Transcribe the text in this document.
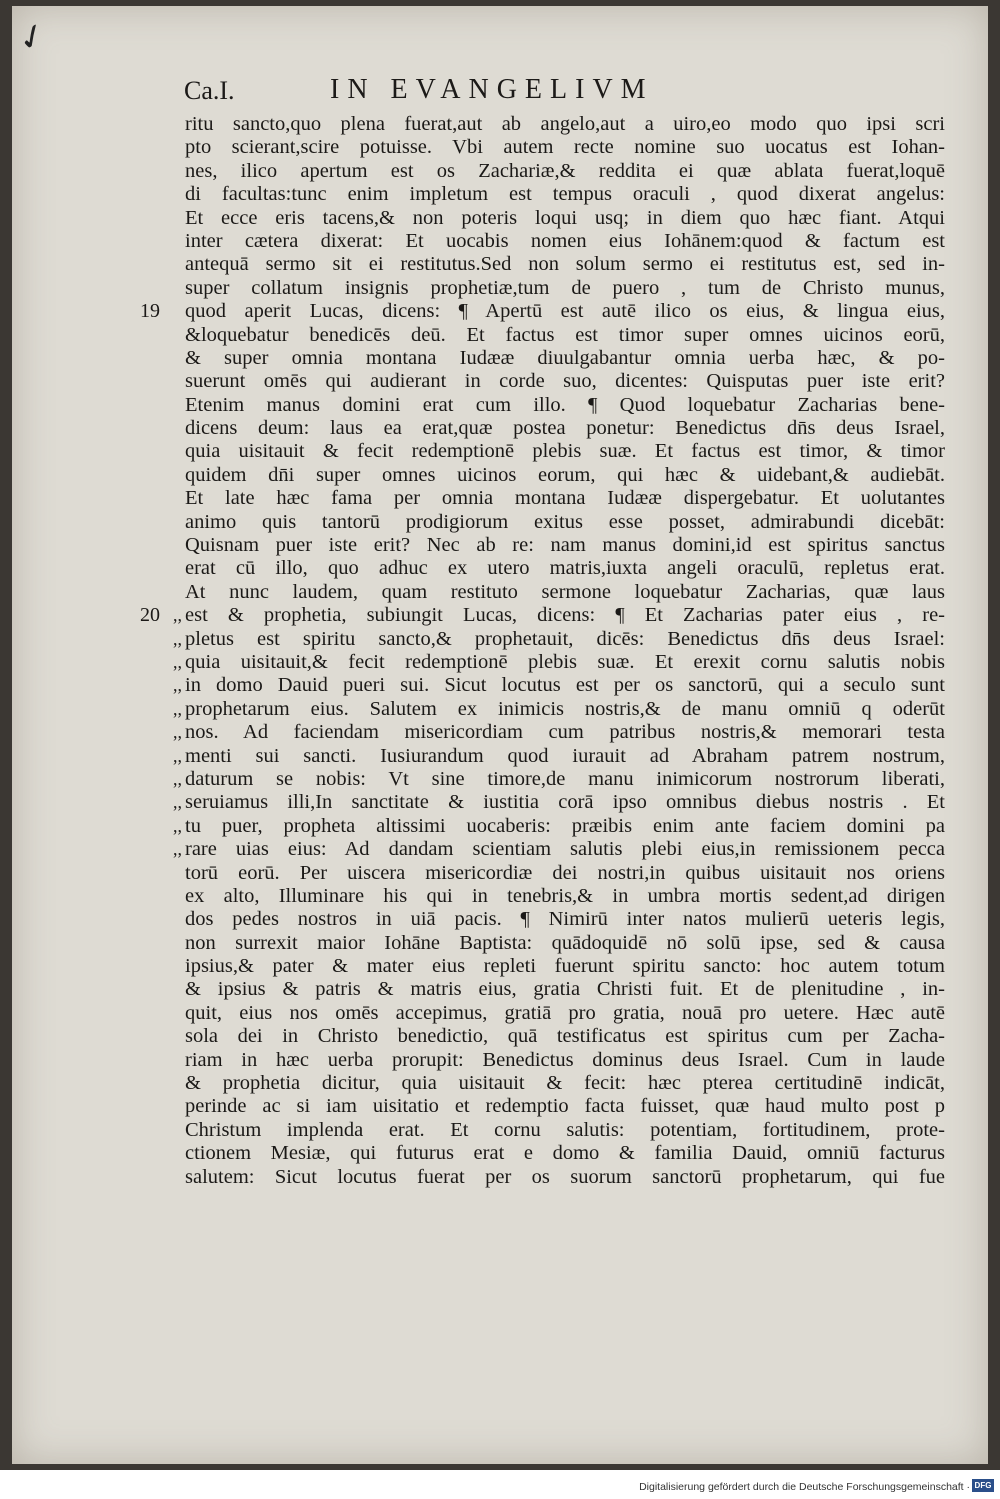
✓
Ca.I.	IN EVANGELIVM
ritu sancto,quo plena fuerat,aut ab angelo,aut a uiro,eo modo quo ipsi scri
pto scierant,scire potuisse. Vbi autem recte nomine suo uocatus est Iohan-
nes, ilico apertum est os Zachariæ,& reddita ei quæ ablata fuerat,loquē
di facultas:tunc enim impletum est tempus oraculi , quod dixerat angelus:
Et ecce eris tacens,& non poteris loqui usq; in diem quo hæc fiant. Atqui
inter cætera dixerat: Et uocabis nomen eius Iohānem:quod & factum est
antequā sermo sit ei restitutus.Sed non solum sermo ei restitutus est, sed in-
super collatum insignis prophetiæ,tum de puero , tum de Christo munus,
19 quod aperit Lucas, dicens: ¶ Apertū est autē ilico os eius, & lingua eius,
&loquebatur benedicēs deū. Et factus est timor super omnes uicinos eorū,
& super omnia montana Iudææ diuulgabantur omnia uerba hæc, & po-
suerunt omēs qui audierant in corde suo, dicentes: Quisputas puer iste erit?
Etenim manus domini erat cum illo. ¶ Quod loquebatur Zacharias bene-
dicens deum: laus ea erat,quæ postea ponetur: Benedictus dn̄s deus Israel,
quia uisitauit & fecit redemptionē plebis suæ. Et factus est timor, & timor
quidem dn̄i super omnes uicinos eorum, qui hæc & uidebant,& audiebāt.
Et late hæc fama per omnia montana Iudææ dispergebatur. Et uolutantes
animo quis tantorū prodigiorum exitus esse posset, admirabundi dicebāt:
Quisnam puer iste erit? Nec ab re: nam manus domini,id est spiritus sanctus
erat cū illo, quo adhuc ex utero matris,iuxta angeli oraculū, repletus erat.
At nunc laudem, quam restituto sermone loquebatur Zacharias, quæ laus
20 ,, est & prophetia, subiungit Lucas, dicens: ¶ Et Zacharias pater eius , re-
,, pletus est spiritu sancto,& prophetauit, dicēs: Benedictus dn̄s deus Israel:
,, quia uisitauit,& fecit redemptionē plebis suæ. Et erexit cornu salutis nobis
,, in domo Dauid pueri sui. Sicut locutus est per os sanctorū, qui a seculo sunt
,, prophetarum eius. Salutem ex inimicis nostris,& de manu omniū q oderūt
,, nos. Ad faciendam misericordiam cum patribus nostris,& memorari testa
,, menti sui sancti. Iusiurandum quod iurauit ad Abraham patrem nostrum,
,, daturum se nobis: Vt sine timore,de manu inimicorum nostrorum liberati,
,, seruiamus illi,In sanctitate & iustitia corā ipso omnibus diebus nostris . Et
,, tu puer, propheta altissimi uocaberis: præibis enim ante faciem domini pa
,, rare uias eius: Ad dandam scientiam salutis plebi eius,in remissionem pecca
torū eorū. Per uiscera misericordiæ dei nostri,in quibus uisitauit nos oriens
ex alto, Illuminare his qui in tenebris,& in umbra mortis sedent,ad dirigen
dos pedes nostros in uiā pacis. ¶ Nimirū inter natos mulierū ueteris legis,
non surrexit maior Iohāne Baptista: quādoquidē nō solū ipse, sed & causa
ipsius,& pater & mater eius repleti fuerunt spiritu sancto: hoc autem totum
& ipsius & patris & matris eius, gratia Christi fuit. Et de plenitudine , in-
quit, eius nos omēs accepimus, gratiā pro gratia, nouā pro uetere. Hæc autē
sola dei in Christo benedictio, quā testificatus est spiritus cum per Zacha-
riam in hæc uerba prorupit: Benedictus dominus deus Israel. Cum in laude
& prophetia dicitur, quia uisitauit & fecit: hæc pterea certitudinē indicāt,
perinde ac si iam uisitatio et redemptio facta fuisset, quæ haud multo post p
Christum implenda erat. Et cornu salutis: potentiam, fortitudinem, prote-
ctionem Mesiæ, qui futurus erat e domo & familia Dauid, omniū facturus
salutem: Sicut locutus fuerat per os suorum sanctorū prophetarum, qui fue
Digitalisierung gefördert durch die Deutsche Forschungsgemeinschaft · DFG
